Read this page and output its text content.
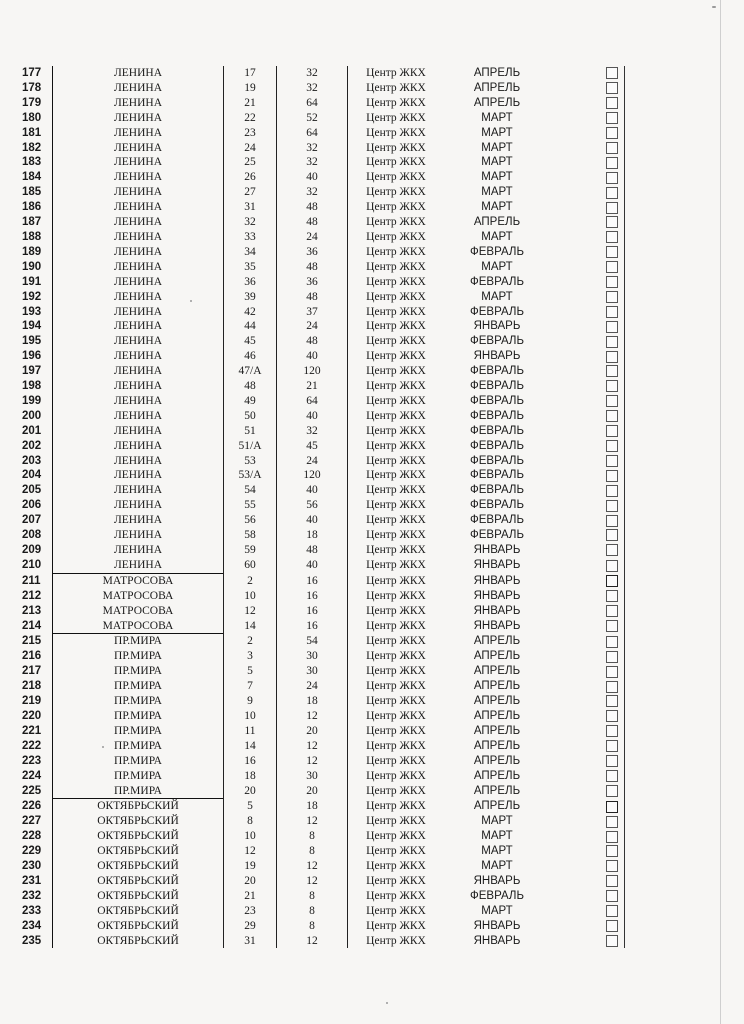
177	ЛЕНИНА	17	32	Центр ЖКХ	АПРЕЛЬ		
178	ЛЕНИНА	19	32	Центр ЖКХ	АПРЕЛЬ		
179	ЛЕНИНА	21	64	Центр ЖКХ	АПРЕЛЬ		
180	ЛЕНИНА	22	52	Центр ЖКХ	МАРТ		
181	ЛЕНИНА	23	64	Центр ЖКХ	МАРТ		
182	ЛЕНИНА	24	32	Центр ЖКХ	МАРТ		
183	ЛЕНИНА	25	32	Центр ЖКХ	МАРТ		
184	ЛЕНИНА	26	40	Центр ЖКХ	МАРТ		
185	ЛЕНИНА	27	32	Центр ЖКХ	МАРТ		
186	ЛЕНИНА	31	48	Центр ЖКХ	МАРТ		
187	ЛЕНИНА	32	48	Центр ЖКХ	АПРЕЛЬ		
188	ЛЕНИНА	33	24	Центр ЖКХ	МАРТ		
189	ЛЕНИНА	34	36	Центр ЖКХ	ФЕВРАЛЬ		
190	ЛЕНИНА	35	48	Центр ЖКХ	МАРТ		
191	ЛЕНИНА	36	36	Центр ЖКХ	ФЕВРАЛЬ		
192	ЛЕНИНА	39	48	Центр ЖКХ	МАРТ		
193	ЛЕНИНА	42	37	Центр ЖКХ	ФЕВРАЛЬ		
194	ЛЕНИНА	44	24	Центр ЖКХ	ЯНВАРЬ		
195	ЛЕНИНА	45	48	Центр ЖКХ	ФЕВРАЛЬ		
196	ЛЕНИНА	46	40	Центр ЖКХ	ЯНВАРЬ		
197	ЛЕНИНА	47/А	120	Центр ЖКХ	ФЕВРАЛЬ		
198	ЛЕНИНА	48	21	Центр ЖКХ	ФЕВРАЛЬ		
199	ЛЕНИНА	49	64	Центр ЖКХ	ФЕВРАЛЬ		
200	ЛЕНИНА	50	40	Центр ЖКХ	ФЕВРАЛЬ		
201	ЛЕНИНА	51	32	Центр ЖКХ	ФЕВРАЛЬ		
202	ЛЕНИНА	51/А	45	Центр ЖКХ	ФЕВРАЛЬ		
203	ЛЕНИНА	53	24	Центр ЖКХ	ФЕВРАЛЬ		
204	ЛЕНИНА	53/А	120	Центр ЖКХ	ФЕВРАЛЬ		
205	ЛЕНИНА	54	40	Центр ЖКХ	ФЕВРАЛЬ		
206	ЛЕНИНА	55	56	Центр ЖКХ	ФЕВРАЛЬ		
207	ЛЕНИНА	56	40	Центр ЖКХ	ФЕВРАЛЬ		
208	ЛЕНИНА	58	18	Центр ЖКХ	ФЕВРАЛЬ		
209	ЛЕНИНА	59	48	Центр ЖКХ	ЯНВАРЬ		
210	ЛЕНИНА	60	40	Центр ЖКХ	ЯНВАРЬ		
211	МАТРОСОВА	2	16	Центр ЖКХ	ЯНВАРЬ		
212	МАТРОСОВА	10	16	Центр ЖКХ	ЯНВАРЬ		
213	МАТРОСОВА	12	16	Центр ЖКХ	ЯНВАРЬ		
214	МАТРОСОВА	14	16	Центр ЖКХ	ЯНВАРЬ		
215	ПР.МИРА	2	54	Центр ЖКХ	АПРЕЛЬ		
216	ПР.МИРА	3	30	Центр ЖКХ	АПРЕЛЬ		
217	ПР.МИРА	5	30	Центр ЖКХ	АПРЕЛЬ		
218	ПР.МИРА	7	24	Центр ЖКХ	АПРЕЛЬ		
219	ПР.МИРА	9	18	Центр ЖКХ	АПРЕЛЬ		
220	ПР.МИРА	10	12	Центр ЖКХ	АПРЕЛЬ		
221	ПР.МИРА	11	20	Центр ЖКХ	АПРЕЛЬ		
222	ПР.МИРА	14	12	Центр ЖКХ	АПРЕЛЬ		
223	ПР.МИРА	16	12	Центр ЖКХ	АПРЕЛЬ		
224	ПР.МИРА	18	30	Центр ЖКХ	АПРЕЛЬ		
225	ПР.МИРА	20	20	Центр ЖКХ	АПРЕЛЬ		
226	ОКТЯБРЬСКИЙ	5	18	Центр ЖКХ	АПРЕЛЬ		
227	ОКТЯБРЬСКИЙ	8	12	Центр ЖКХ	МАРТ		
228	ОКТЯБРЬСКИЙ	10	8	Центр ЖКХ	МАРТ		
229	ОКТЯБРЬСКИЙ	12	8	Центр ЖКХ	МАРТ		
230	ОКТЯБРЬСКИЙ	19	12	Центр ЖКХ	МАРТ		
231	ОКТЯБРЬСКИЙ	20	12	Центр ЖКХ	ЯНВАРЬ		
232	ОКТЯБРЬСКИЙ	21	8	Центр ЖКХ	ФЕВРАЛЬ		
233	ОКТЯБРЬСКИЙ	23	8	Центр ЖКХ	МАРТ		
234	ОКТЯБРЬСКИЙ	29	8	Центр ЖКХ	ЯНВАРЬ		
235	ОКТЯБРЬСКИЙ	31	12	Центр ЖКХ	ЯНВАРЬ		
